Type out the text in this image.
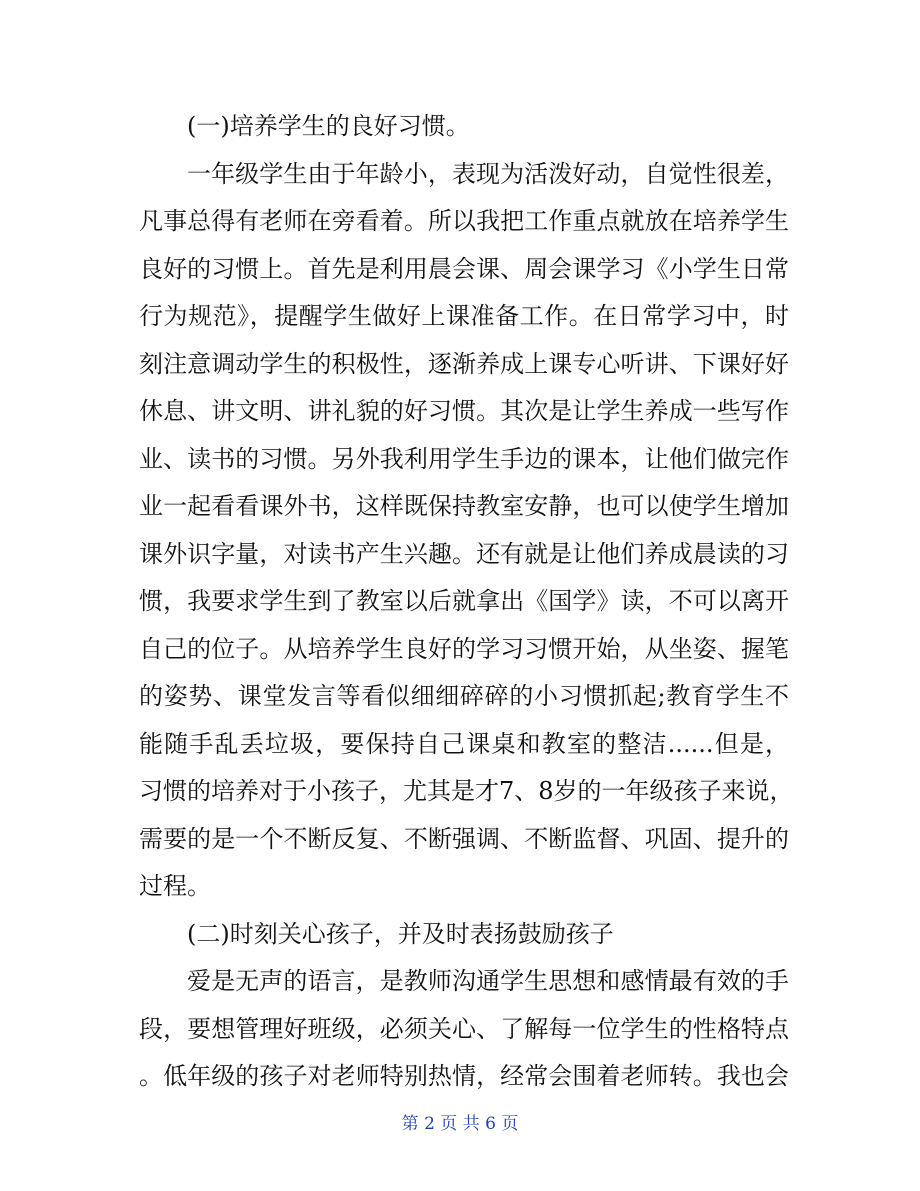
(一)培养学生的良好习惯。
一年级学生由于年龄小，表现为活泼好动，自觉性很差，
凡事总得有老师在旁看着。所以我把工作重点就放在培养学生
良好的习惯上。首先是利用晨会课、周会课学习《小学生日常
行为规范》，提醒学生做好上课准备工作。在日常学习中，时
刻注意调动学生的积极性，逐渐养成上课专心听讲、下课好好
休息、讲文明、讲礼貌的好习惯。其次是让学生养成一些写作
业、读书的习惯。另外我利用学生手边的课本，让他们做完作
业一起看看课外书，这样既保持教室安静，也可以使学生增加
课外识字量，对读书产生兴趣。还有就是让他们养成晨读的习
惯，我要求学生到了教室以后就拿出《国学》读，不可以离开
自己的位子。从培养学生良好的学习习惯开始，从坐姿、握笔
的姿势、课堂发言等看似细细碎碎的小习惯抓起;教育学生不
能随手乱丢垃圾，要保持自己课桌和教室的整洁......但是，
习惯的培养对于小孩子，尤其是才7、8岁的一年级孩子来说，
需要的是一个不断反复、不断强调、不断监督、巩固、提升的
过程。
(二)时刻关心孩子，并及时表扬鼓励孩子
爱是无声的语言，是教师沟通学生思想和感情最有效的手
段，要想管理好班级，必须关心、了解每一位学生的性格特点
。低年级的孩子对老师特别热情，经常会围着老师转。我也会
第 2 页 共 6 页
